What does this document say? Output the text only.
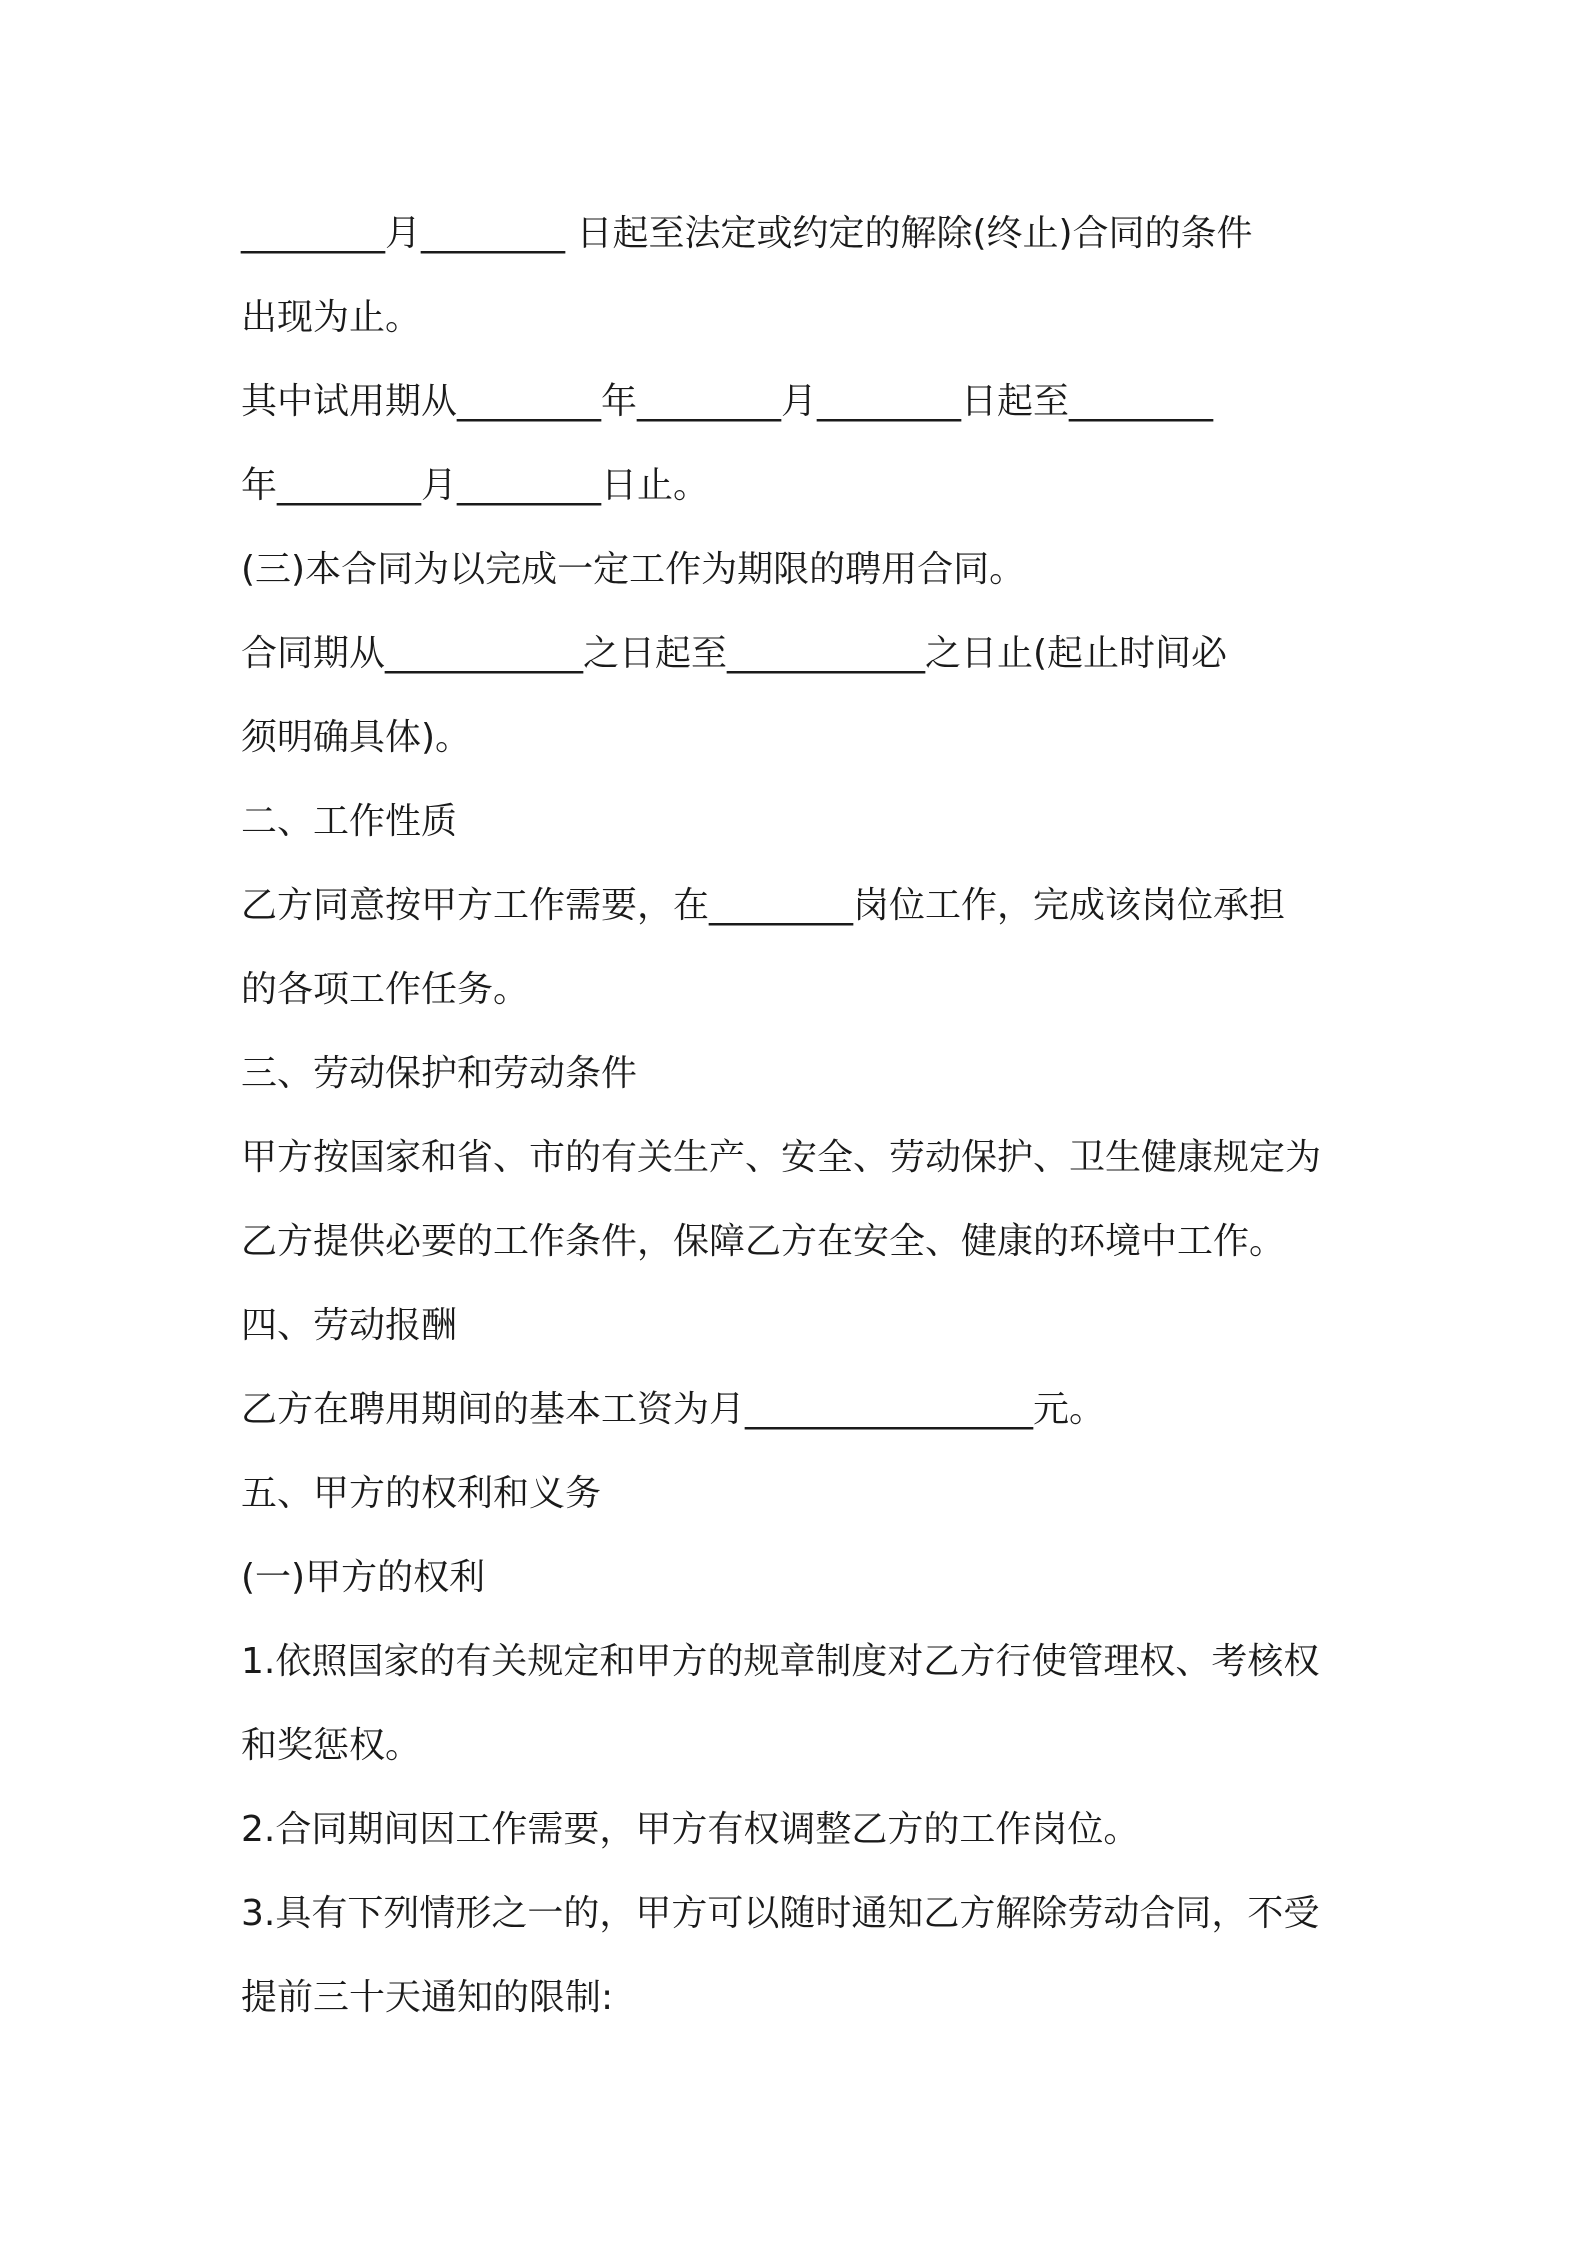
________月________ 日起至法定或约定的解除(终止)合同的条件

出现为止。

其中试用期从________年________月________日起至________

年________月________日止。

(三)本合同为以完成一定工作为期限的聘用合同。

合同期从___________之日起至___________之日止(起止时间必

须明确具体)。

二、工作性质

乙方同意按甲方工作需要，在________岗位工作，完成该岗位承担

的各项工作任务。

三、劳动保护和劳动条件

甲方按国家和省、市的有关生产、安全、劳动保护、卫生健康规定为

乙方提供必要的工作条件，保障乙方在安全、健康的环境中工作。

四、劳动报酬

乙方在聘用期间的基本工资为月________________元。

五、甲方的权利和义务

(一)甲方的权利

1.依照国家的有关规定和甲方的规章制度对乙方行使管理权、考核权

和奖惩权。

2.合同期间因工作需要，甲方有权调整乙方的工作岗位。

3.具有下列情形之一的，甲方可以随时通知乙方解除劳动合同，不受

提前三十天通知的限制:
